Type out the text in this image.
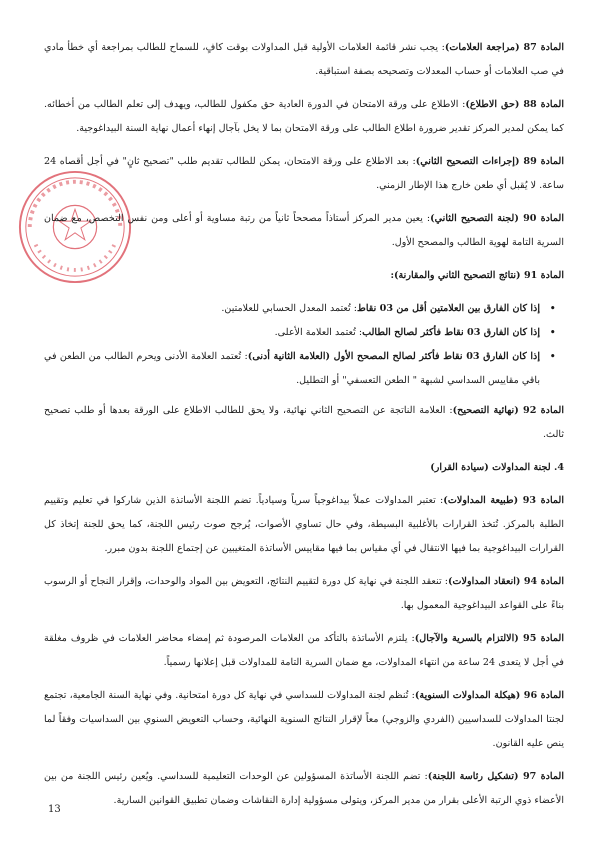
المادة 87 (مراجعة العلامات): يجب نشر قائمة العلامات الأولية قبل المداولات بوقت كافٍ، للسماح للطالب بمراجعة أي خطأ مادي في صب العلامات أو حساب المعدلات وتصحيحه بصفة استباقية.

المادة 88 (حق الاطلاع): الاطلاع على ورقة الامتحان في الدورة العادية حق مكفول للطالب، ويهدف إلى تعلم الطالب من أخطائه. كما يمكن لمدير المركز تقدير ضرورة اطلاع الطالب على ورقة الامتحان بما لا يخل بآجال إنهاء أعمال نهاية السنة البيداغوجية.

المادة 89 (إجراءات التصحيح الثاني): بعد الاطلاع على ورقة الامتحان، يمكن للطالب تقديم طلب "تصحيح ثانٍ" في أجل أقصاه 24 ساعة. لا يُقبل أي طعن خارج هذا الإطار الزمني.

المادة 90 (لجنة التصحيح الثاني): يعين مدير المركز أستاذاً مصححاً ثانياً من رتبة مساوية أو أعلى ومن نفس التخصص، مع ضمان السرية التامة لهوية الطالب والمصحح الأول.

المادة 91 (نتائج التصحيح الثاني والمقارنة):

• إذا كان الفارق بين العلامتين أقل من 03 نقاط: تُعتمد المعدل الحسابي للعلامتين.
• إذا كان الفارق 03 نقاط فأكثر لصالح الطالب: تُعتمد العلامة الأعلى.
• إذا كان الفارق 03 نقاط فأكثر لصالح المصحح الأول (العلامة الثانية أدنى): تُعتمد العلامة الأدنى ويحرم الطالب من الطعن في باقي مقاييس السداسي لشبهة " الطعن التعسفي" أو التطليل.

المادة 92 (نهائية التصحيح): العلامة الناتجة عن التصحيح الثاني نهائية، ولا يحق للطالب الاطلاع على الورقة بعدها أو طلب تصحيح ثالث.

4. لجنة المداولات (سيادة القرار)

المادة 93 (طبيعة المداولات): تعتبر المداولات عملاً بيداغوجياً سرياً وسيادياً. تضم اللجنة الأساتذة الذين شاركوا في تعليم وتقييم الطلبة بالمركز. تُتخذ القرارات بالأغلبية البسيطة، وفي حال تساوي الأصوات، يُرجح صوت رئيس اللجنة، كما يحق للجنة إتخاذ كل القرارات البيداغوجية بما فيها الانتقال في أي مقياس بما فيها مقاييس الأساتذة المتغيبين عن إجتماع اللجنة بدون مبرر.

المادة 94 (انعقاد المداولات): تنعقد اللجنة في نهاية كل دورة لتقييم النتائج، التعويض بين المواد والوحدات، وإقرار النجاح أو الرسوب بناءً على القواعد البيداغوجية المعمول بها.

المادة 95 (الالتزام بالسرية والآجال): يلتزم الأساتذة بالتأكد من العلامات المرصودة ثم إمضاء محاضر العلامات في ظروف مغلقة في أجل لا يتعدى 24 ساعة من انتهاء المداولات، مع ضمان السرية التامة للمداولات قبل إعلانها رسمياً.

المادة 96 (هيكلة المداولات السنوية): تُنظم لجنة المداولات للسداسي في نهاية كل دورة امتحانية. وفي نهاية السنة الجامعية، تجتمع لجنتا المداولات للسداسيين (الفردي والزوجي) معاً لإقرار النتائج السنوية النهائية، وحساب التعويض السنوي بين السداسيات وفقاً لما ينص عليه القانون.

المادة 97 (تشكيل رئاسة اللجنة): تضم اللجنة الأساتذة المسؤولين عن الوحدات التعليمية للسداسي. ويُعين رئيس اللجنة من بين الأعضاء ذوي الرتبة الأعلى بقرار من مدير المركز، ويتولى مسؤولية إدارة النقاشات وضمان تطبيق القوانين السارية.

13
